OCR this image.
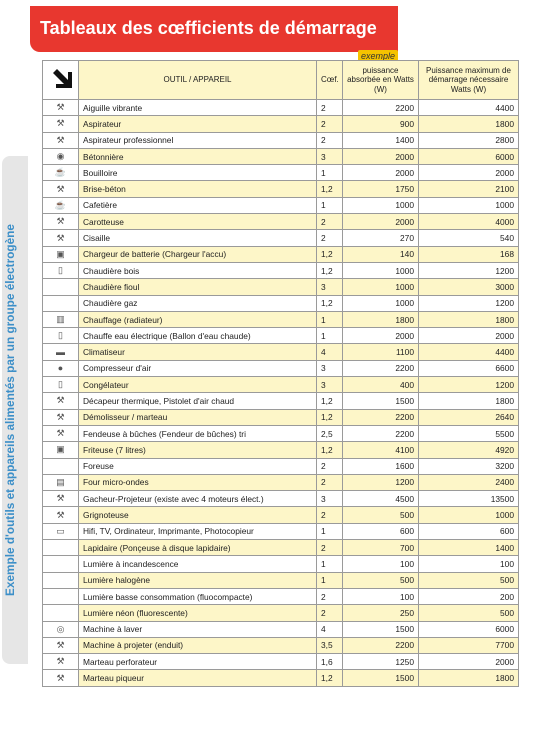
Tableaux des cœfficients de démarrage
Exemple d'outils et appareils alimentés par un groupe électrogène
exemple
	OUTIL / APPAREIL	Cœf.	puissance absorbée en Watts (W)	Puissance maximum de démarrage nécessaire Watts (W)
⚒	Aiguille vibrante	2	2200	4400
⚒	Aspirateur	2	900	1800
⚒	Aspirateur professionnel	2	1400	2800
◉	Bétonnière	3	2000	6000
☕	Bouilloire	1	2000	2000
⚒	Brise-béton	1,2	1750	2100
☕	Cafetière	1	1000	1000
⚒	Carotteuse	2	2000	4000
⚒	Cisaille	2	270	540
▣	Chargeur de batterie (Chargeur l'accu)	1,2	140	168
▯	Chaudière bois	1,2	1000	1200
	Chaudière fioul	3	1000	3000
	Chaudière gaz	1,2	1000	1200
▥	Chauffage (radiateur)	1	1800	1800
▯	Chauffe eau électrique (Ballon d'eau chaude)	1	2000	2000
▬	Climatiseur	4	1100	4400
●	Compresseur d'air	3	2200	6600
▯	Congélateur	3	400	1200
⚒	Décapeur thermique, Pistolet d'air chaud	1,2	1500	1800
⚒	Démolisseur / marteau	1,2	2200	2640
⚒	Fendeuse à bûches (Fendeur de bûches) tri	2,5	2200	5500
▣	Friteuse (7 litres)	1,2	4100	4920
	Foreuse	2	1600	3200
▤	Four micro-ondes	2	1200	2400
⚒	Gacheur-Projeteur (existe avec 4 moteurs élect.)	3	4500	13500
⚒	Grignoteuse	2	500	1000
▭	Hifi, TV, Ordinateur, Imprimante, Photocopieur	1	600	600
	Lapidaire (Ponçeuse à disque lapidaire)	2	700	1400
	Lumière à incandescence	1	100	100
	Lumière halogène	1	500	500
	Lumière basse consommation (fluocompacte)	2	100	200
	Lumière néon (fluorescente)	2	250	500
◎	Machine à laver	4	1500	6000
⚒	Machine à projeter (enduit)	3,5	2200	7700
⚒	Marteau perforateur	1,6	1250	2000
⚒	Marteau piqueur	1,2	1500	1800
